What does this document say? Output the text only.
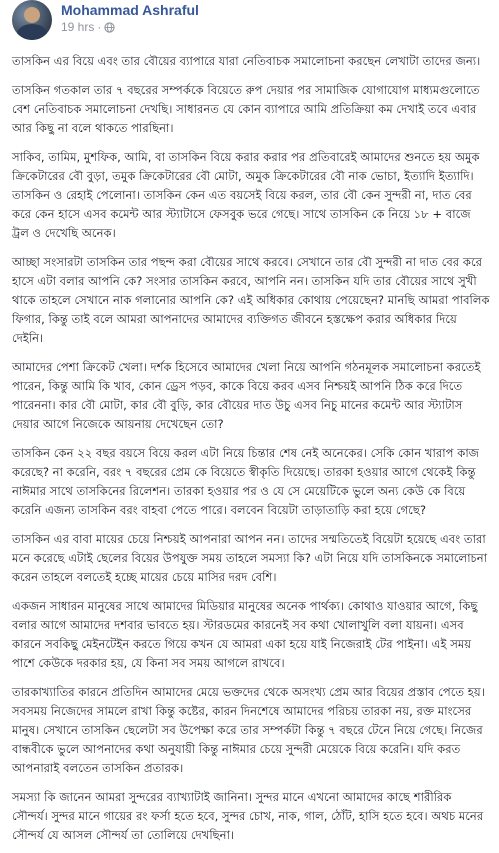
Mohammad Ashraful
19 hrs ·

তাসকিন এর বিয়ে এবং তার বৌয়ের ব্যাপারে যারা নেতিবাচক সমালোচনা করছেন লেখাটা তাদের জন্য।

তাসকিন গতকাল তার ৭ বছরের সম্পর্ককে বিয়েতে রুপ দেয়ার পর সামাজিক যোগাযোগ মাধ্যমগুলোতে বেশ নেতিবাচক সমালোচনা দেখছি। সাধারনত যে কোন ব্যাপারে আমি প্রতিক্রিয়া কম দেখাই তবে এবার আর কিছু না বলে থাকতে পারছিনা।

সাকিব, তামিম, মুশফিক, আমি, বা তাসকিন বিয়ে করার করার পর প্রতিবারেই আমাদের শুনতে হয় অমুক ক্রিকেটারের বৌ বুড়া, তমুক ক্রিকেটারের বৌ মোটা, অমুক ক্রিকেটারের বৌ নাক ভোচা, ইত্যাদি ইত্যাদি। তাসকিন ও রেহাই পেলোনা। তাসকিন কেন এত বয়সেই বিয়ে করল, তার বৌ কেন সুন্দরী না, দাত বের করে কেন হাসে এসব কমেন্ট আর স্ট্যাটাসে ফেসবুক ভরে গেছে। সাথে তাসকিন কে নিয়ে ১৮ + বাজে ট্রল ও দেখেছি অনেক।

আচ্ছা সংসারটা তাসকিন তার পছন্দ করা বৌয়ের সাথে করবে। সেখানে তার বৌ সুন্দরী না দাত বের করে হাসে এটা বলার আপনি কে? সংসার তাসকিন করবে, আপনি নন। তাসকিন যদি তার বৌয়ের সাথে সুখী থাকে তাহলে সেখানে নাক গলানোর আপনি কে? এই অধিকার কোথায় পেয়েছেন? মানছি আমরা পাবলিক ফিগার, কিন্তু তাই বলে আমরা আপনাদের আমাদের ব্যক্তিগত জীবনে হস্তক্ষেপ করার অধিকার দিয়ে দেইনি।

আমাদের পেশা ক্রিকেট খেলা। দর্শক হিসেবে আমাদের খেলা নিয়ে আপনি গঠনমূলক সমালোচনা করতেই পারেন, কিন্তু আমি কি খাব, কোন ড্রেস পড়ব, কাকে বিয়ে করব এসব নিশ্চয়ই আপনি ঠিক করে দিতে পারেননা। কার বৌ মোটা, কার বৌ বুড়ি, কার বৌয়ের দাত উচু এসব নিচু মানের কমেন্ট আর স্ট্যাটাস দেয়ার আগে নিজেকে আয়নায় দেখেছেন তো?

তাসকিন কেন ২২ বছর বয়সে বিয়ে করল এটা নিয়ে চিন্তার শেষ নেই অনেকের। সেকি কোন খারাপ কাজ করেছে? না করেনি, বরং ৭ বছরের প্রেম কে বিয়েতে স্বীকৃতি দিয়েছে। তারকা হওয়ার আগে থেকেই কিন্তু নাঈমার সাথে তাসকিনের রিলেশন। তারকা হওয়ার পর ও যে সে মেয়েটিকে ভুলে অন্য কেউ কে বিয়ে করেনি এজন্য তাসকিন বরং বাহবা পেতে পারে। বলবেন বিয়েটা তাড়াতাড়ি করা হয়ে গেছে?

তাসকিন এর বাবা মায়ের চেয়ে নিশ্চয়ই আপনারা আপন নন। তাদের সম্মতিতেই বিয়েটা হয়েছে এবং তারা মনে করেছে এটাই ছেলের বিয়ের উপযুক্ত সময় তাহলে সমস্যা কি? এটা নিয়ে যদি তাসকিনকে সমালোচনা করেন তাহলে বলতেই হচ্ছে মায়ের চেয়ে মাসির দরদ বেশি।

একজন সাধারন মানুষের সাথে আমাদের মিডিয়ার মানুষের অনেক পার্থক্য। কোথাও যাওয়ার আগে, কিছু বলার আগে আমাদের দশবার ভাবতে হয়। স্টারডমের কারনেই সব কথা খোলাখুলি বলা যায়না। এসব কারনে সবকিছু মেইনটেইন করতে গিয়ে কখন যে আমরা একা হয়ে যাই নিজেরাই টের পাইনা। এই সময় পাশে কেউকে দরকার হয়, যে কিনা সব সময় আগলে রাখবে।

তারকাখ্যাতির কারনে প্রতিদিন আমাদের মেয়ে ভক্তদের থেকে অসংখ্য প্রেম আর বিয়ের প্রস্তাব পেতে হয়। সবসময় নিজেদের সামলে রাখা কিন্তু কষ্টের, কারন দিনশেষে আমাদের পরিচয় তারকা নয়, রক্ত মাংসের মানুষ। সেখানে তাসকিন ছেলেটা সব উপেক্ষা করে তার সম্পর্কটা কিন্তু ৭ বছরে টেনে নিয়ে গেছে। নিজের বান্ধবীকে ভুলে আপনাদের কথা অনুযায়ী কিন্তু নাঈমার চেয়ে সুন্দরী মেয়েকে বিয়ে করেনি। যদি করত আপনারাই বলতেন তাসকিন প্রতারক।

সমস্যা কি জানেন আমরা সুন্দরের ব্যাখ্যাটাই জানিনা। সুন্দর মানে এখনো আমাদের কাছে শারীরিক সৌন্দর্য। সুন্দর মানে গায়ের রং ফর্সা হতে হবে, সুন্দর চোখ, নাক, গাল, ঠোঁট, হাসি হতে হবে। অথচ মনের সৌন্দর্য যে আসল সৌন্দর্য তা তোলিয়ে দেখছিনা।
